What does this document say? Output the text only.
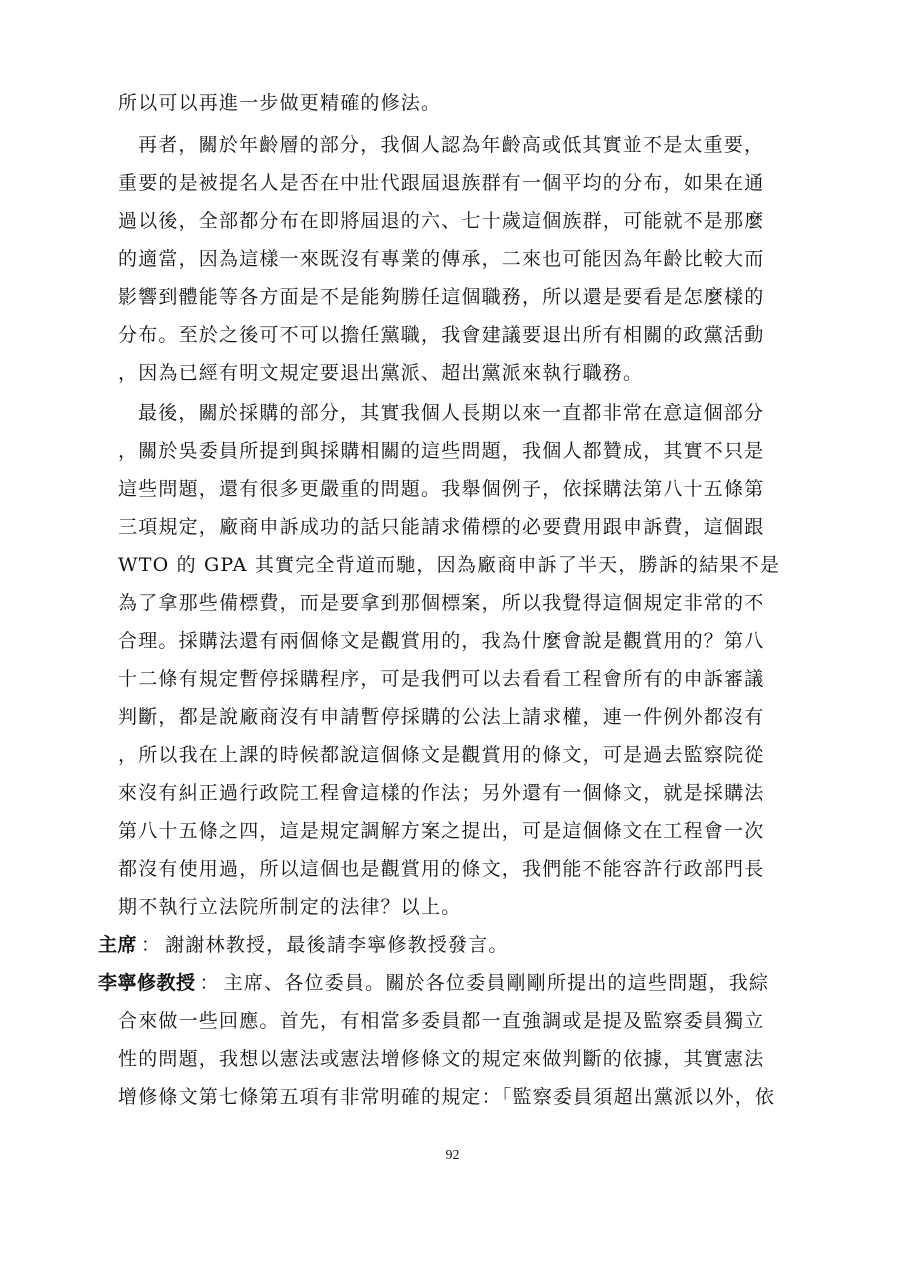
所以可以再進一步做更精確的修法。
再者，關於年齡層的部分，我個人認為年齡高或低其實並不是太重要，
重要的是被提名人是否在中壯代跟屆退族群有一個平均的分布，如果在通
過以後，全部都分布在即將屆退的六、七十歲這個族群，可能就不是那麼
的適當，因為這樣一來既沒有專業的傳承，二來也可能因為年齡比較大而
影響到體能等各方面是不是能夠勝任這個職務，所以還是要看是怎麼樣的
分布。至於之後可不可以擔任黨職，我會建議要退出所有相關的政黨活動
，因為已經有明文規定要退出黨派、超出黨派來執行職務。
最後，關於採購的部分，其實我個人長期以來一直都非常在意這個部分
，關於吳委員所提到與採購相關的這些問題，我個人都贊成，其實不只是
這些問題，還有很多更嚴重的問題。我舉個例子，依採購法第八十五條第
三項規定，廠商申訴成功的話只能請求備標的必要費用跟申訴費，這個跟
WTO 的 GPA 其實完全背道而馳，因為廠商申訴了半天，勝訴的結果不是
為了拿那些備標費，而是要拿到那個標案，所以我覺得這個規定非常的不
合理。採購法還有兩個條文是觀賞用的，我為什麼會說是觀賞用的？第八
十二條有規定暫停採購程序，可是我們可以去看看工程會所有的申訴審議
判斷，都是說廠商沒有申請暫停採購的公法上請求權，連一件例外都沒有
，所以我在上課的時候都說這個條文是觀賞用的條文，可是過去監察院從
來沒有糾正過行政院工程會這樣的作法；另外還有一個條文，就是採購法
第八十五條之四，這是規定調解方案之提出，可是這個條文在工程會一次
都沒有使用過，所以這個也是觀賞用的條文，我們能不能容許行政部門長
期不執行立法院所制定的法律？以上。
主席 ： 謝謝林教授，最後請李寧修教授發言。
李寧修教授 ： 主席、各位委員。關於各位委員剛剛所提出的這些問題，我綜
合來做一些回應。首先，有相當多委員都一直強調或是提及監察委員獨立
性的問題，我想以憲法或憲法增修條文的規定來做判斷的依據，其實憲法
增修條文第七條第五項有非常明確的規定：「監察委員須超出黨派以外，依
92
